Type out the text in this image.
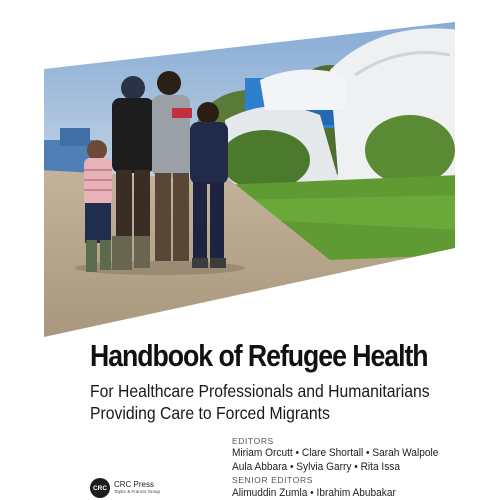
Handbook of Refugee Health
For Healthcare Professionals and Humanitarians
Providing Care to Forced Migrants
EDITORS
Miriam Orcutt • Clare Shortall • Sarah Walpole
Aula Abbara • Sylvia Garry • Rita Issa
SENIOR EDITORS
Alimuddin Zumla • Ibrahim Abubakar
CRC CRC Press
Taylor & Francis Group
